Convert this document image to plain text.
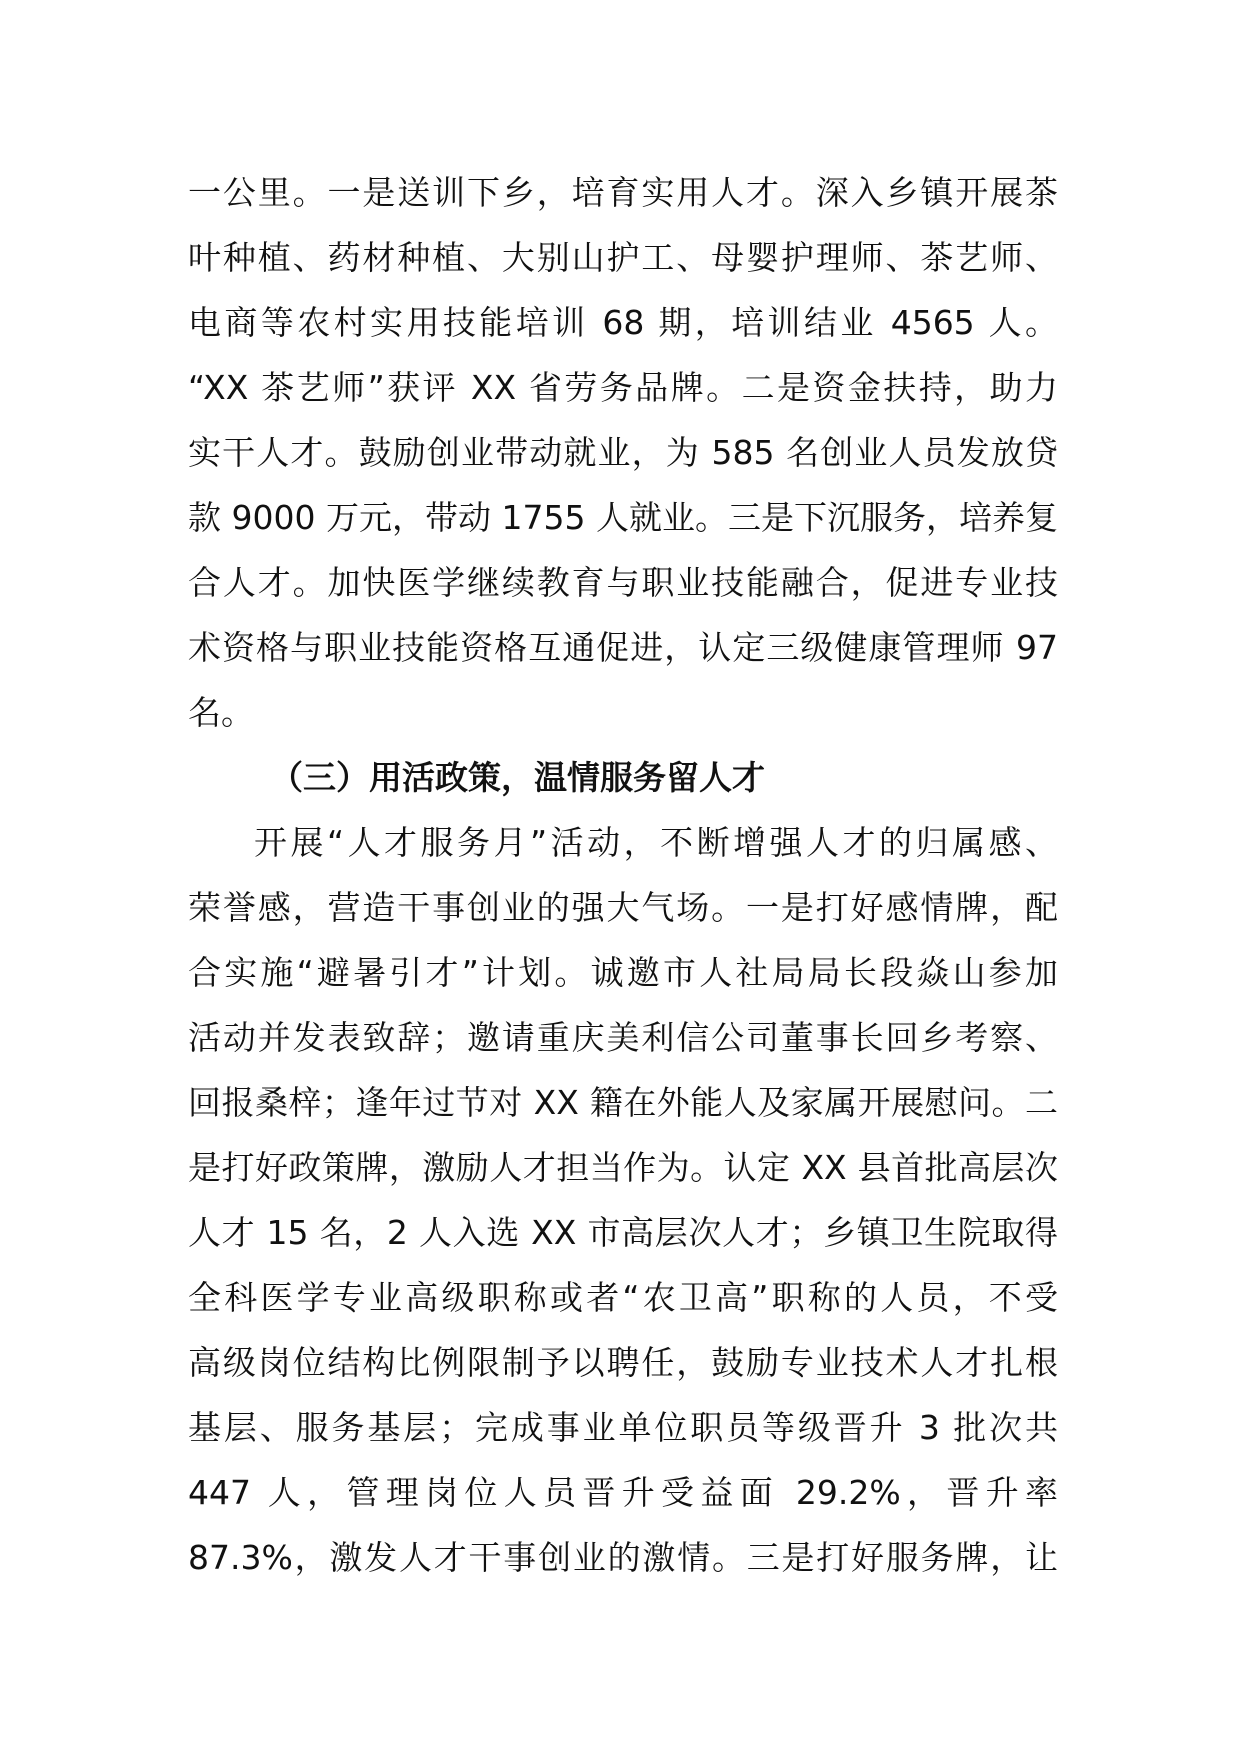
一公里。一是送训下乡，培育实用人才。深入乡镇开展茶
叶种植、药材种植、大别山护工、母婴护理师、茶艺师、
电商等农村实用技能培训 68 期，培训结业 4565 人。
“XX 茶艺师”获评 XX 省劳务品牌。二是资金扶持，助力
实干人才。鼓励创业带动就业，为 585 名创业人员发放贷
款 9000 万元，带动 1755 人就业。三是下沉服务，培养复
合人才。加快医学继续教育与职业技能融合，促进专业技
术资格与职业技能资格互通促进，认定三级健康管理师 97
名。
（三）用活政策，温情服务留人才
开展“人才服务月”活动，不断增强人才的归属感、
荣誉感，营造干事创业的强大气场。一是打好感情牌，配
合实施“避暑引才”计划。诚邀市人社局局长段焱山参加
活动并发表致辞；邀请重庆美利信公司董事长回乡考察、
回报桑梓；逢年过节对 XX 籍在外能人及家属开展慰问。二
是打好政策牌，激励人才担当作为。认定 XX 县首批高层次
人才 15 名，2 人入选 XX 市高层次人才；乡镇卫生院取得
全科医学专业高级职称或者“农卫高”职称的人员，不受
高级岗位结构比例限制予以聘任，鼓励专业技术人才扎根
基层、服务基层；完成事业单位职员等级晋升 3 批次共
447 人，管理岗位人员晋升受益面 29.2%，晋升率
87.3%，激发人才干事创业的激情。三是打好服务牌，让
